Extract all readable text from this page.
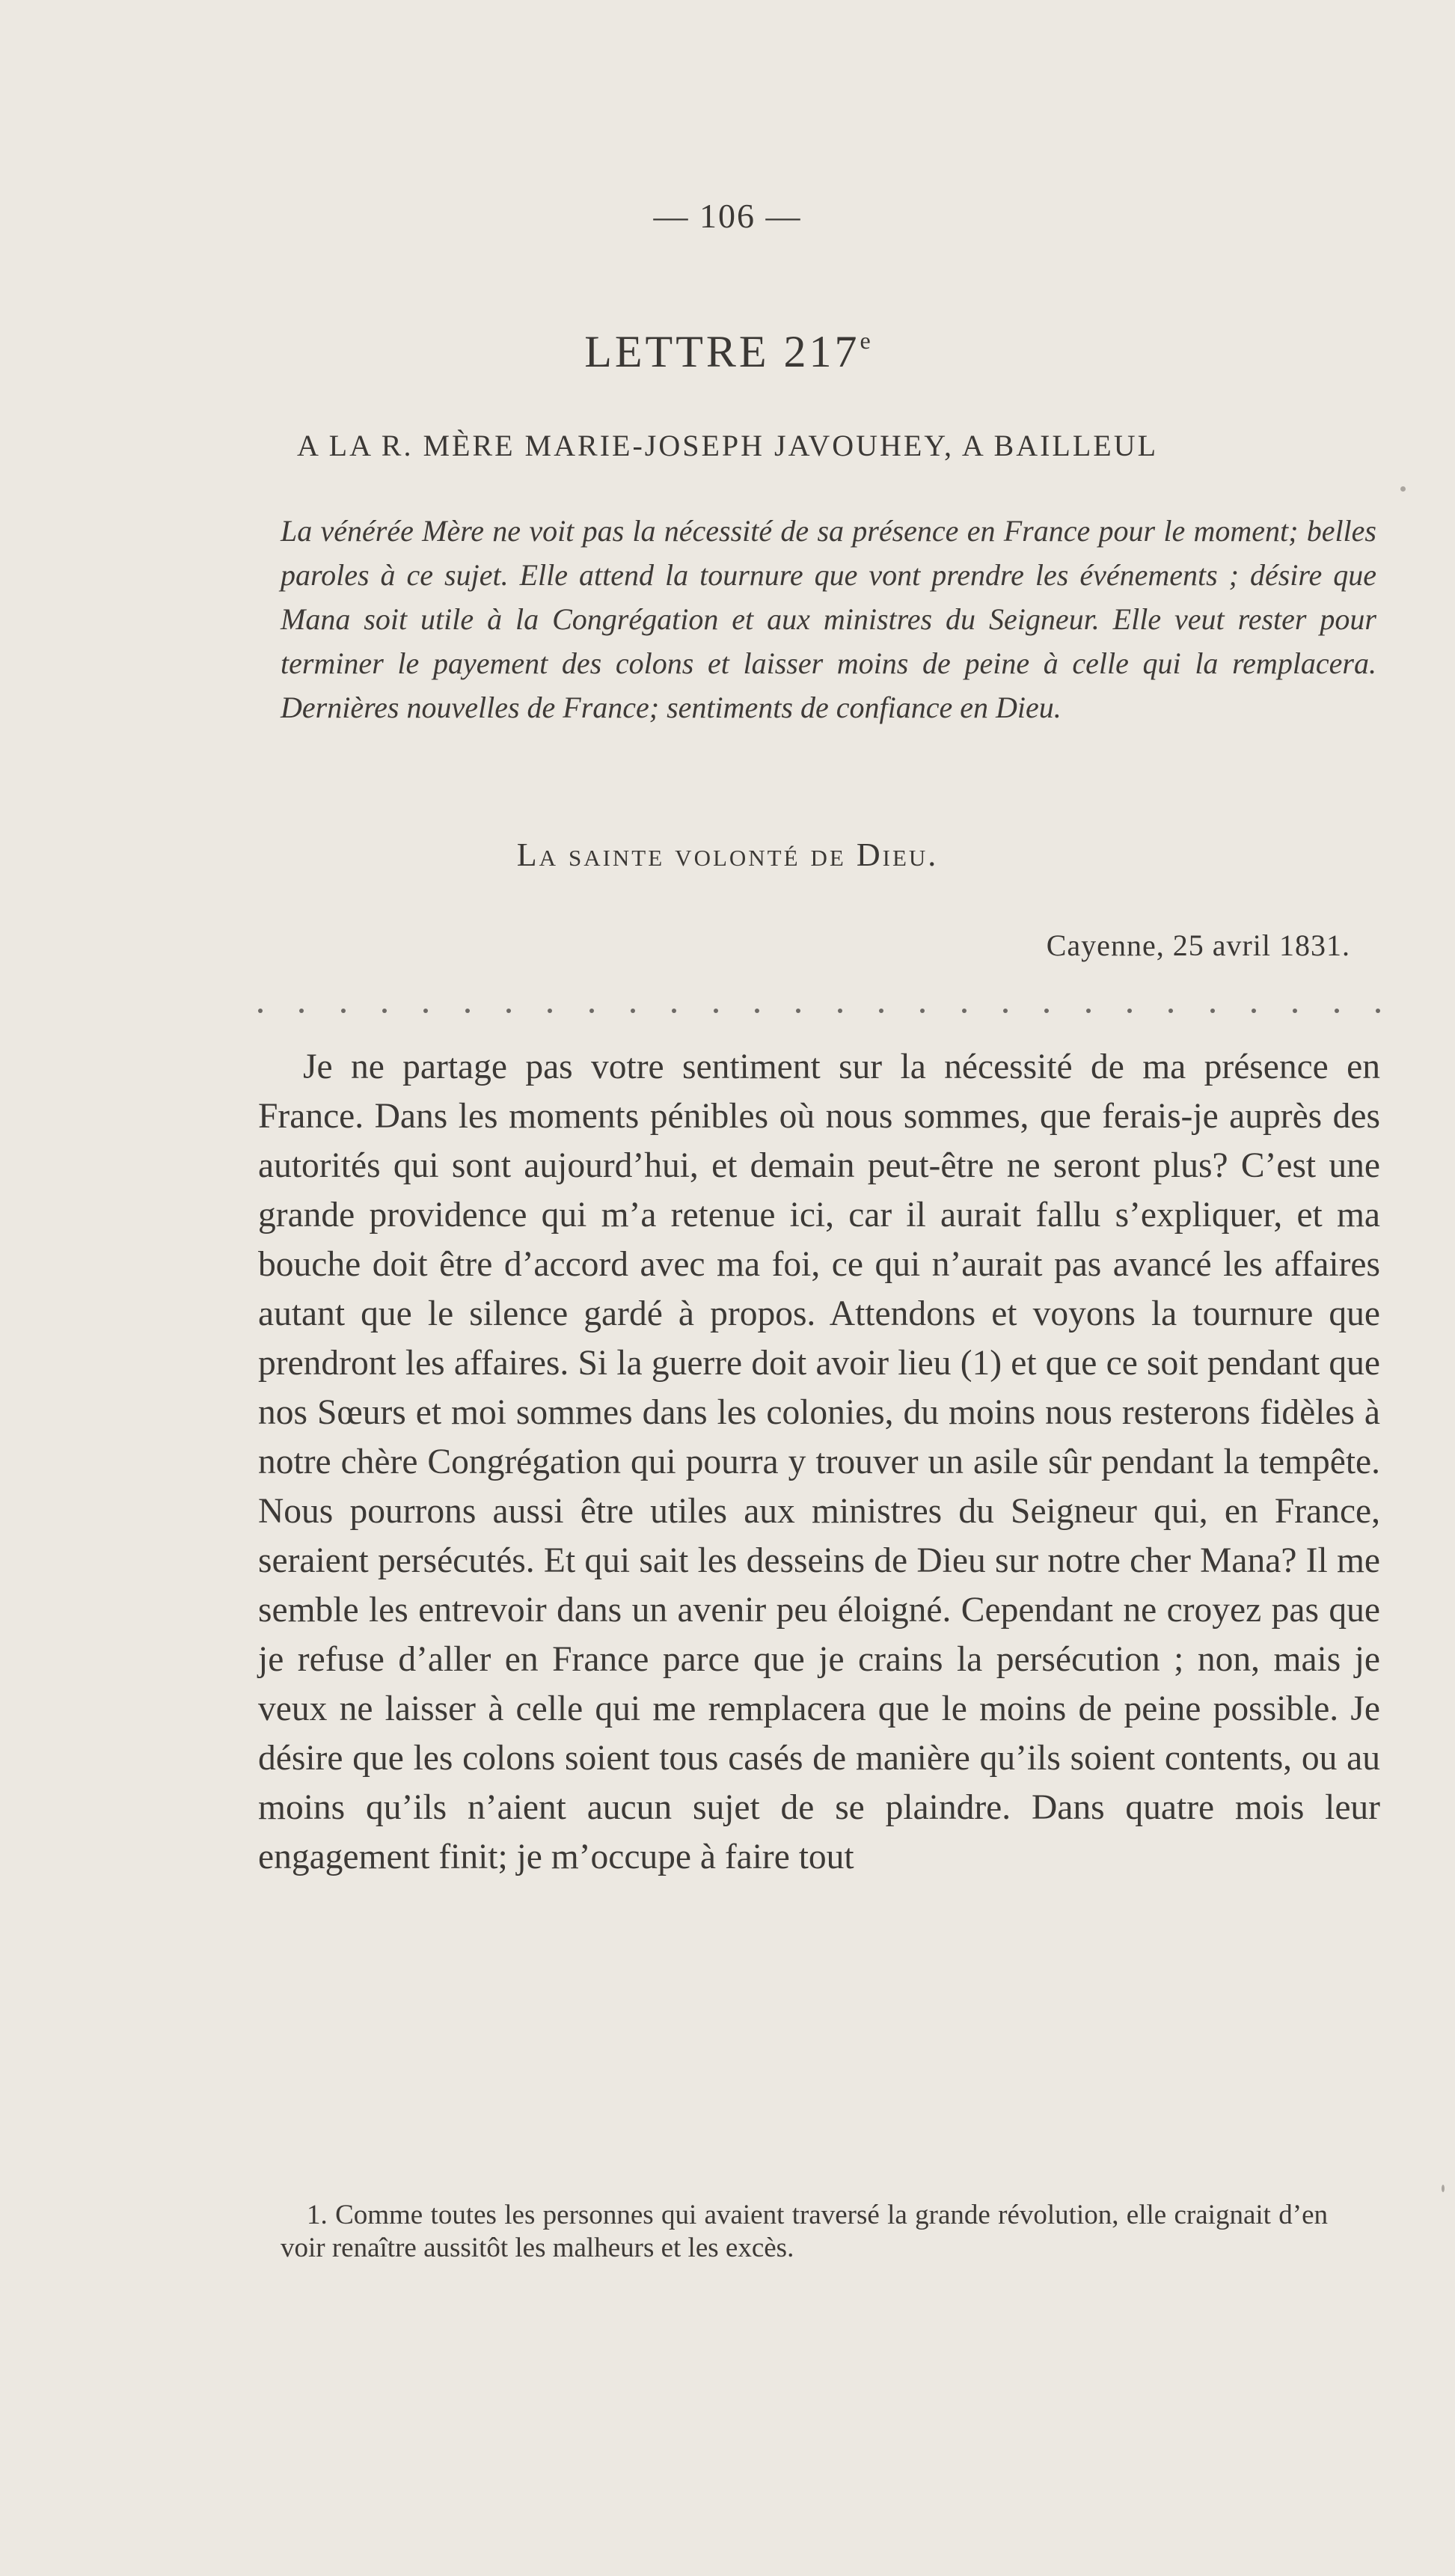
— 106 —
LETTRE 217e
A LA R. MÈRE MARIE-JOSEPH JAVOUHEY, A BAILLEUL
La vénérée Mère ne voit pas la nécessité de sa présence en France pour le moment; belles paroles à ce sujet. Elle attend la tournure que vont prendre les événements ; désire que Mana soit utile à la Congrégation et aux ministres du Seigneur. Elle veut rester pour terminer le payement des colons et laisser moins de peine à celle qui la remplacera. Dernières nouvelles de France; sentiments de confiance en Dieu.
La sainte volonté de Dieu.
Cayenne, 25 avril 1831.

Je ne partage pas votre sentiment sur la nécessité de ma présence en France. Dans les moments pénibles où nous sommes, que ferais-je auprès des autorités qui sont aujourd’hui, et demain peut-être ne seront plus? C’est une grande providence qui m’a retenue ici, car il aurait fallu s’expliquer, et ma bouche doit être d’accord avec ma foi, ce qui n’aurait pas avancé les affaires autant que le silence gardé à propos. Attendons et voyons la tournure que prendront les affaires. Si la guerre doit avoir lieu (1) et que ce soit pendant que nos Sœurs et moi sommes dans les colonies, du moins nous resterons fidèles à notre chère Congrégation qui pourra y trouver un asile sûr pendant la tempête. Nous pourrons aussi être utiles aux ministres du Seigneur qui, en France, seraient persécutés. Et qui sait les desseins de Dieu sur notre cher Mana? Il me semble les entrevoir dans un avenir peu éloigné. Cependant ne croyez pas que je refuse d’aller en France parce que je crains la persécution ; non, mais je veux ne laisser à celle qui me remplacera que le moins de peine possible. Je désire que les colons soient tous casés de manière qu’ils soient contents, ou au moins qu’ils n’aient aucun sujet de se plaindre. Dans quatre mois leur engagement finit; je m’occupe à faire tout

1. Comme toutes les personnes qui avaient traversé la grande révolution, elle craignait d’en voir renaître aussitôt les malheurs et les excès.
